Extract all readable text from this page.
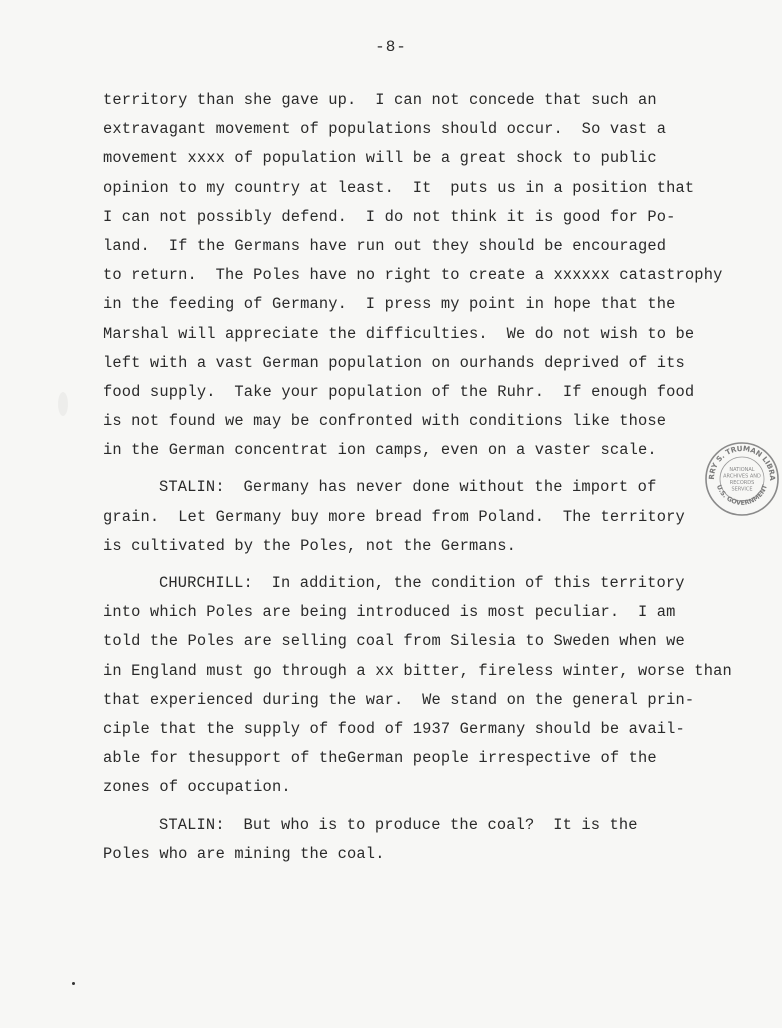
-8-
territory than she gave up.  I can not concede that such an
extravagant movement of populations should occur.  So vast a
movement xxxx of population will be a great shock to public
opinion to my country at least.  It  puts us in a position that
I can not possibly defend.  I do not think it is good for Po-
land.  If the Germans have run out they should be encouraged
to return.  The Poles have no right to create a xxxxxx catastrophy
in the feeding of Germany.  I press my point in hope that the
Marshal will appreciate the difficulties.  We do not wish to be
left with a vast German population on ourhands deprived of its
food supply.  Take your population of the Ruhr.  If enough food
is not found we may be confronted with conditions like those
in the German concentrat ion camps, even on a vaster scale.
STALIN:  Germany has never done without the import of
grain.  Let Germany buy more bread from Poland.  The territory
is cultivated by the Poles, not the Germans.
CHURCHILL:  In addition, the condition of this territory
into which Poles are being introduced is most peculiar.  I am
told the Poles are selling coal from Silesia to Sweden when we
in England must go through a xx bitter, fireless winter, worse than
that experienced during the war.  We stand on the general prin-
ciple that the supply of food of 1937 Germany should be avail-
able for thesupport of theGerman people irrespective of the
zones of occupation.
STALIN:  But who is to produce the coal?  It is the
Poles who are mining the coal.
RRY S. TRUMAN LIBRA
NATIONAL
ARCHIVES AND
RECORDS
SERVICE
U.S. GOVERNMENT
